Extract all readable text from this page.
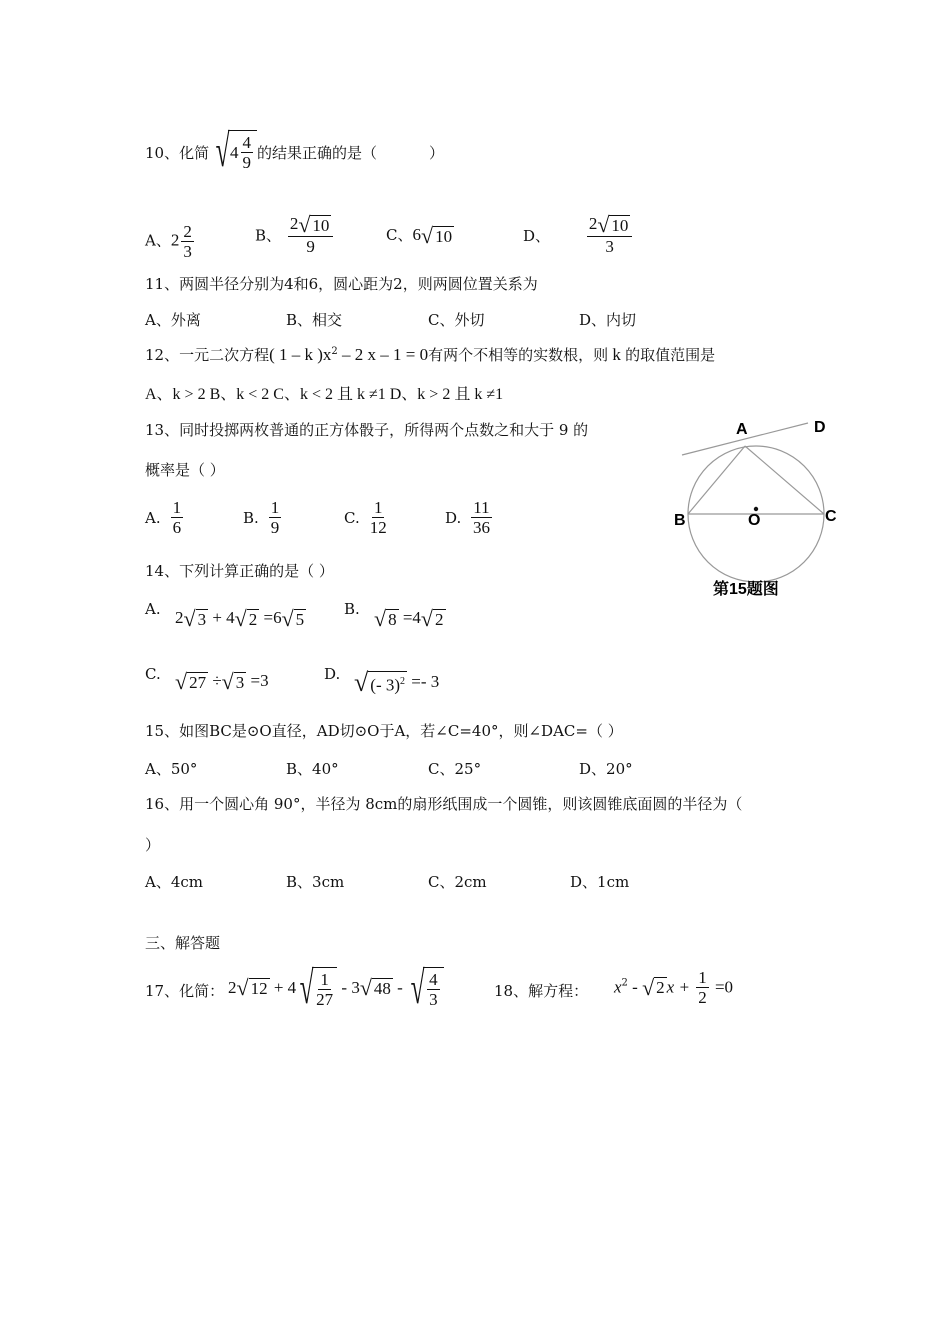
10、化简 √ $4 \frac{4}{9}$ 的结果正确的是（	）
A、$2 \frac{2}{3}$	B、 $\frac{2 √ 10}{9}$	C、6 √ 10	D、 $\frac{2 √ 10}{3}$
11、两圆半径分别为4和6，圆心距为2，则两圆位置关系为
A、外离	B、相交	C、外切	D、内切
12、一元二次方程( 1 – k )$x^2 - 2$ x – 1 = 0有两个不相等的实数根，则 k 的取值范围是
A、k > 2 B、k < 2 C、k < 2 且 k ≠1 D、k > 2 且 k ≠1
13、同时投掷两枚普通的正方体骰子，所得两个点数之和大于 9 的
概率是（ ）
A. $\frac{1}{6}$	B. $\frac{1}{9}$	C. $\frac{1}{12}$	D. $\frac{11}{36}$
14、下列计算正确的是（ ）
A. 2 √ 3 + 4 √ 2 =6 √ 5
B. √ 8 =4 √ 2
C. √ 27 ÷ √ 3 =3	D. √ (- 3)$^2$ =- 3
15、如图BC是⊙O直径，AD切⊙O于A，若∠C=40°，则∠DAC=（ ）
A、50°	B、40°	C、25°	D、20°
16、用一个圆心角 90°，半径为 8cm的扇形纸围成一个圆锥，则该圆锥底面圆的半径为（
）
A、4cm	B、3cm	C、2cm	D、1cm
三、解答题
17、化简： 2 √ 12 + 4 √ $\frac{1}{27} - 3$ √ 48 - √ $\frac{4}{3}$	18、解方程： $x^2$ - √ 2 $x + \frac{1}{2} =0$
A	D
B	C
O
第15题图
